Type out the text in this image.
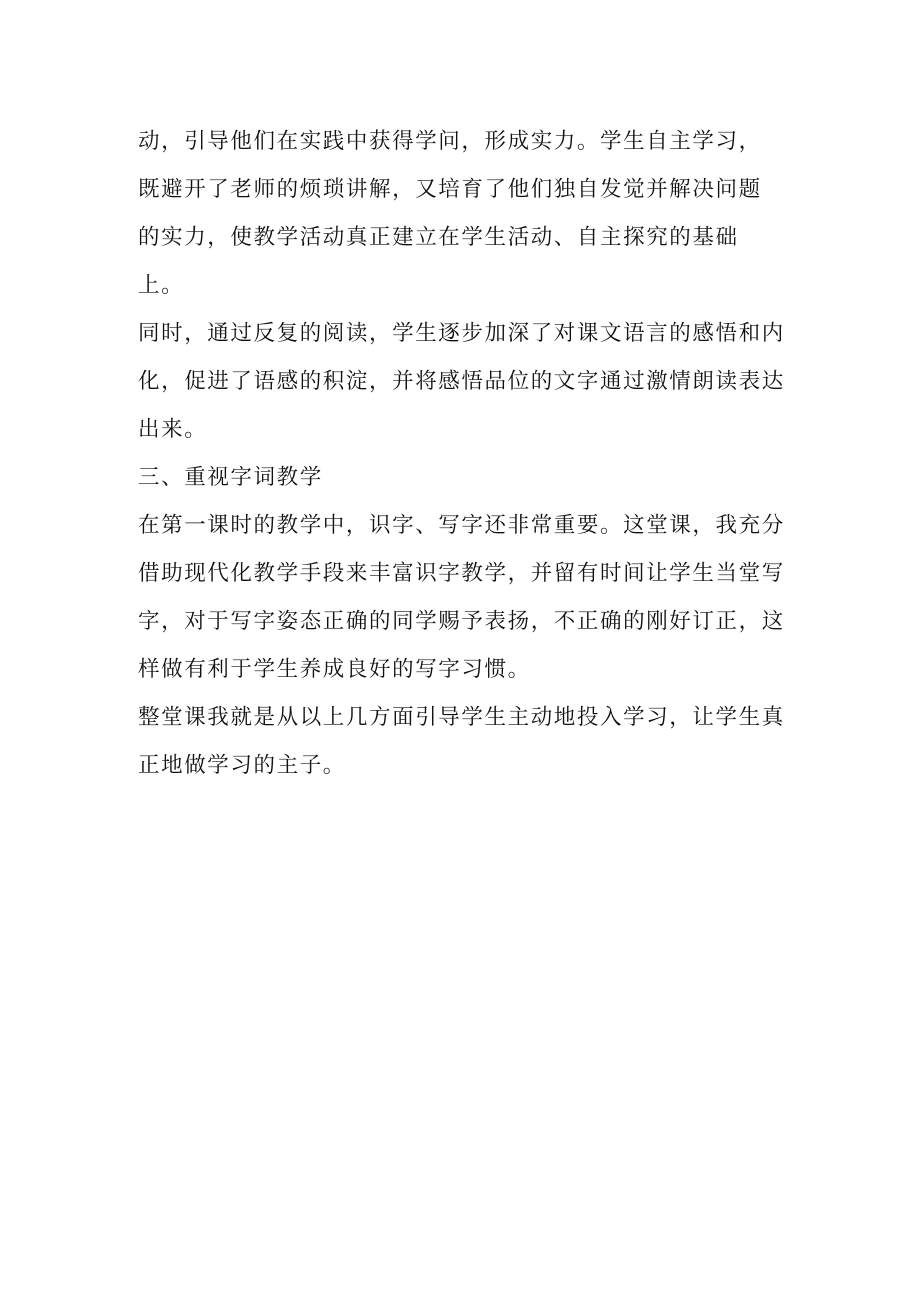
动，引导他们在实践中获得学问，形成实力。学生自主学习，
既避开了老师的烦琐讲解，又培育了他们独自发觉并解决问题
的实力，使教学活动真正建立在学生活动、自主探究的基础
上。
同时，通过反复的阅读，学生逐步加深了对课文语言的感悟和内
化，促进了语感的积淀，并将感悟品位的文字通过激情朗读表达
出来。
三、重视字词教学
在第一课时的教学中，识字、写字还非常重要。这堂课，我充分
借助现代化教学手段来丰富识字教学，并留有时间让学生当堂写
字，对于写字姿态正确的同学赐予表扬，不正确的刚好订正，这
样做有利于学生养成良好的写字习惯。
整堂课我就是从以上几方面引导学生主动地投入学习，让学生真
正地做学习的主子。
